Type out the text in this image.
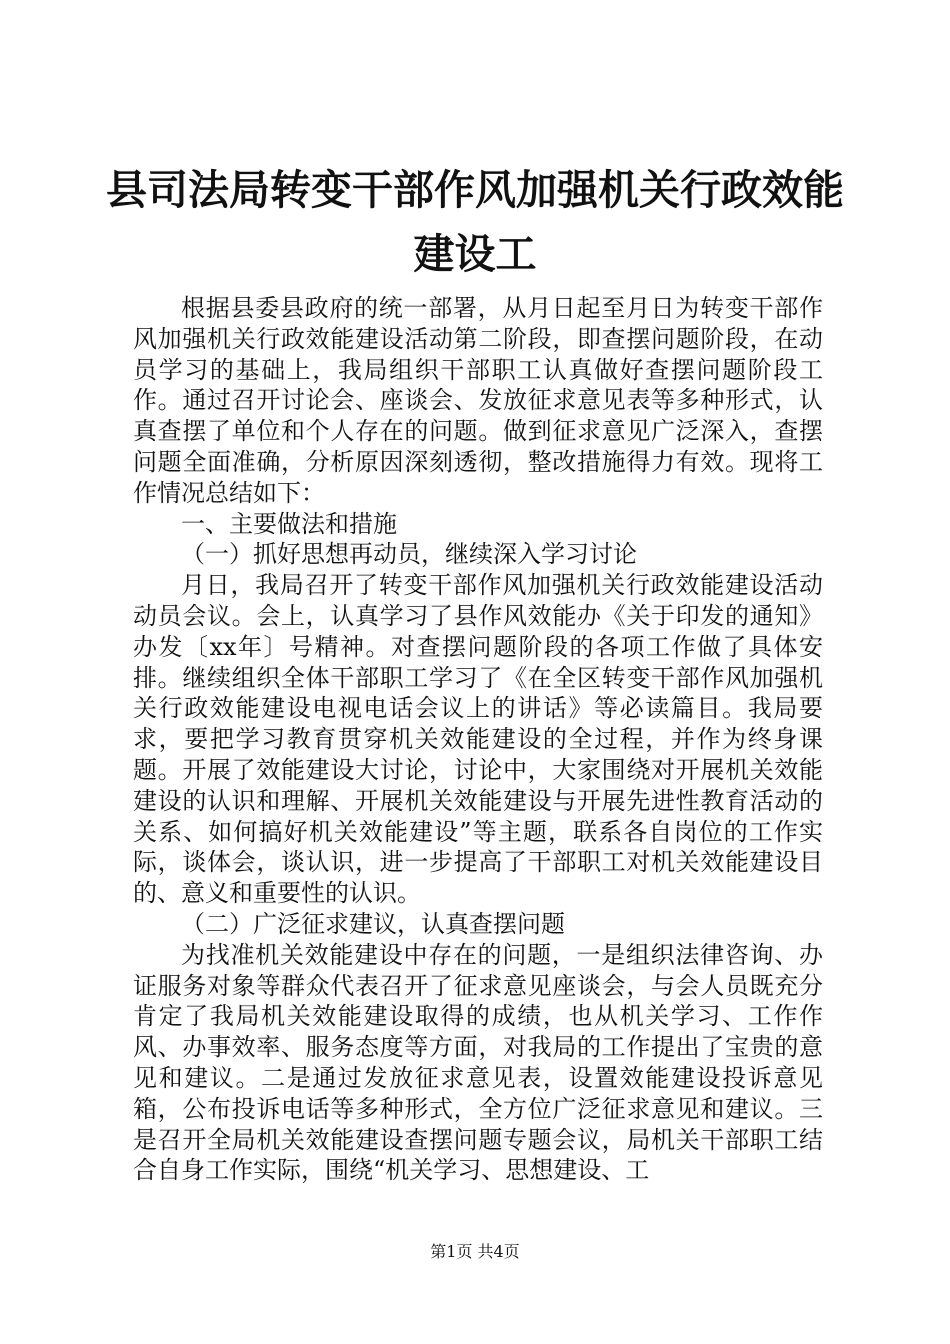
县司法局转变干部作风加强机关行政效能建设工

根据县委县政府的统一部署，从月日起至月日为转变干部作风加强机关行政效能建设活动第二阶段，即查摆问题阶段，在动员学习的基础上，我局组织干部职工认真做好查摆问题阶段工作。通过召开讨论会、座谈会、发放征求意见表等多种形式，认真查摆了单位和个人存在的问题。做到征求意见广泛深入，查摆问题全面准确，分析原因深刻透彻，整改措施得力有效。现将工作情况总结如下：

一、主要做法和措施

（一）抓好思想再动员，继续深入学习讨论

月日，我局召开了转变干部作风加强机关行政效能建设活动动员会议。会上，认真学习了县作风效能办《关于印发的通知》办发〔xx年〕号精神。对查摆问题阶段的各项工作做了具体安排。继续组织全体干部职工学习了《在全区转变干部作风加强机关行政效能建设电视电话会议上的讲话》等必读篇目。我局要求，要把学习教育贯穿机关效能建设的全过程，并作为终身课题。开展了效能建设大讨论，讨论中，大家围绕对开展机关效能建设的认识和理解、开展机关效能建设与开展先进性教育活动的关系、如何搞好机关效能建设”等主题，联系各自岗位的工作实际，谈体会，谈认识，进一步提高了干部职工对机关效能建设目的、意义和重要性的认识。

（二）广泛征求建议，认真查摆问题

为找准机关效能建设中存在的问题，一是组织法律咨询、办证服务对象等群众代表召开了征求意见座谈会，与会人员既充分肯定了我局机关效能建设取得的成绩，也从机关学习、工作作风、办事效率、服务态度等方面，对我局的工作提出了宝贵的意见和建议。二是通过发放征求意见表，设置效能建设投诉意见箱，公布投诉电话等多种形式，全方位广泛征求意见和建议。三是召开全局机关效能建设查摆问题专题会议，局机关干部职工结合自身工作实际，围绕“机关学习、思想建设、工

第1页 共4页
